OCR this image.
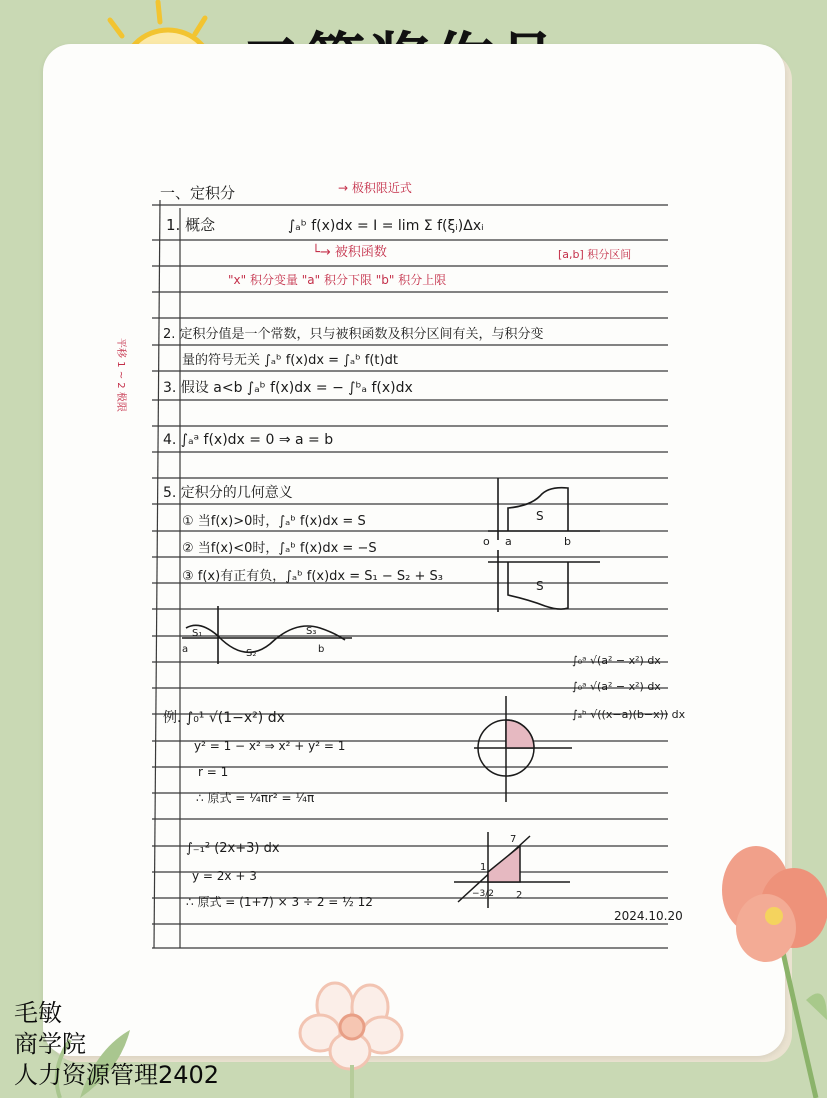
一、定积分	→ 极积限近式
1. 概念	∫ₐᵇ f(x)dx = I = lim Σ f(ξᵢ)Δxᵢ
└→ 被积函数	[a,b] 积分区间
"x" 积分变量 "a" 积分下限 "b" 积分上限
平移 1 ~ 2 极限
2. 定积分值是一个常数，只与被积函数及积分区间有关，与积分变
量的符号无关 ∫ₐᵇ f(x)dx = ∫ₐᵇ f(t)dt
3. 假设 a<b ∫ₐᵇ f(x)dx = − ∫ᵇₐ f(x)dx
4. ∫ₐᵃ f(x)dx = 0 ⇒ a = b
5. 定积分的几何意义
① 当f(x)>0时，∫ₐᵇ f(x)dx = S
② 当f(x)<0时，∫ₐᵇ f(x)dx = −S
③ f(x)有正有负，∫ₐᵇ f(x)dx = S₁ − S₂ + S₃
S
a	b
o
S
S₁
S₂
S₃
a	b
∫₀ᵃ √(a² − x²) dx
∫₀ᵃ √(a² − x²) dx
∫ₐᵇ √((x−a)(b−x)) dx
例. ∫₀¹ √(1−x²) dx
y² = 1 − x² ⇒ x² + y² = 1
r = 1
∴ 原式 = ¼πr² = ¼π
∫₋₁² (2x+3) dx
y = 2x + 3
∴ 原式 = (1+7) × 3 ÷ 2 = ½ 12
7
1
2
−3/2
2024.10.20
毛敏
商学院
人力资源管理2402
